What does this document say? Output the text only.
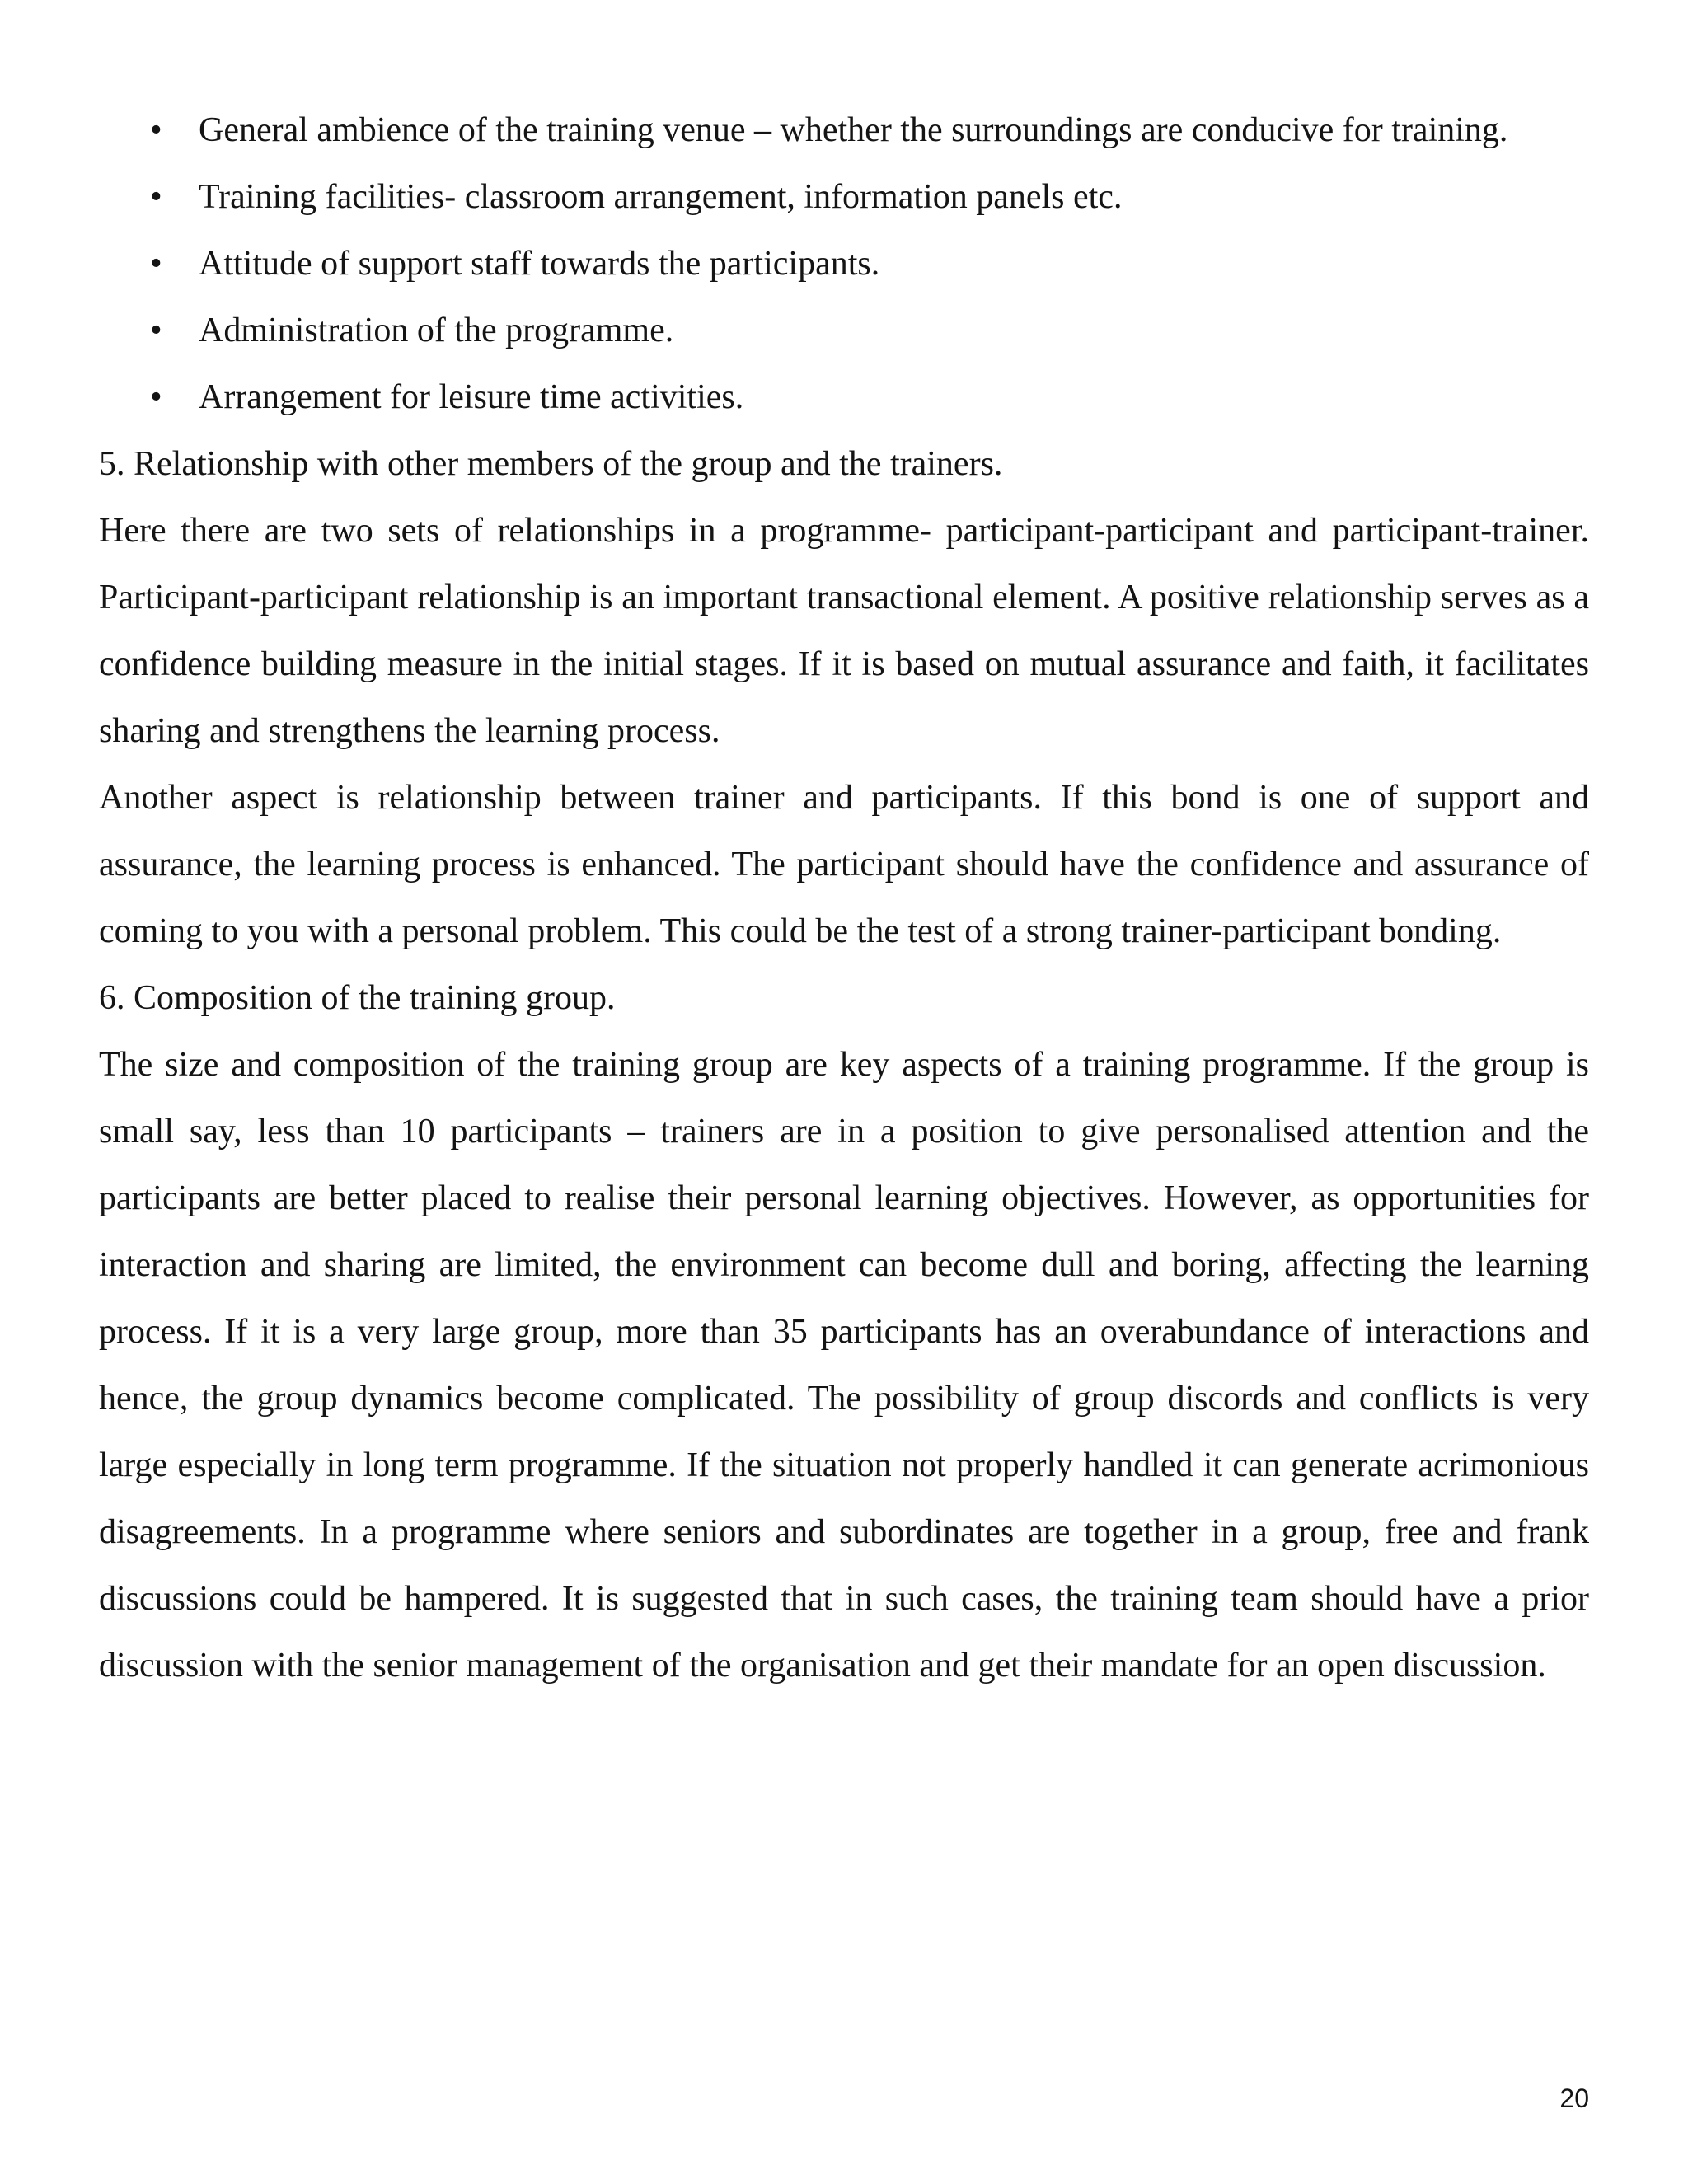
• General ambience of the training venue – whether the surroundings are conducive for training.
• Training facilities- classroom arrangement, information panels etc.
• Attitude of support staff towards the participants.
• Administration of the programme.
• Arrangement for leisure time activities.

5. Relationship with other members of the group and the trainers.

Here there are two sets of relationships in a programme- participant-participant and participant-trainer. Participant-participant relationship is an important transactional element. A positive relationship serves as a confidence building measure in the initial stages. If it is based on mutual assurance and faith, it facilitates sharing and strengthens the learning process.

Another aspect is relationship between trainer and participants. If this bond is one of support and assurance, the learning process is enhanced. The participant should have the confidence and assurance of coming to you with a personal problem. This could be the test of a strong trainer-participant bonding.

6. Composition of the training group.

The size and composition of the training group are key aspects of a training programme. If the group is small say, less than 10 participants – trainers are in a position to give personalised attention and the participants are better placed to realise their personal learning objectives. However, as opportunities for interaction and sharing are limited, the environment can become dull and boring, affecting the learning process. If it is a very large group, more than 35 participants has an overabundance of interactions and hence, the group dynamics become complicated. The possibility of group discords and conflicts is very large especially in long term programme. If the situation not properly handled it can generate acrimonious disagreements. In a programme where seniors and subordinates are together in a group, free and frank discussions could be hampered. It is suggested that in such cases, the training team should have a prior discussion with the senior management of the organisation and get their mandate for an open discussion.

20
